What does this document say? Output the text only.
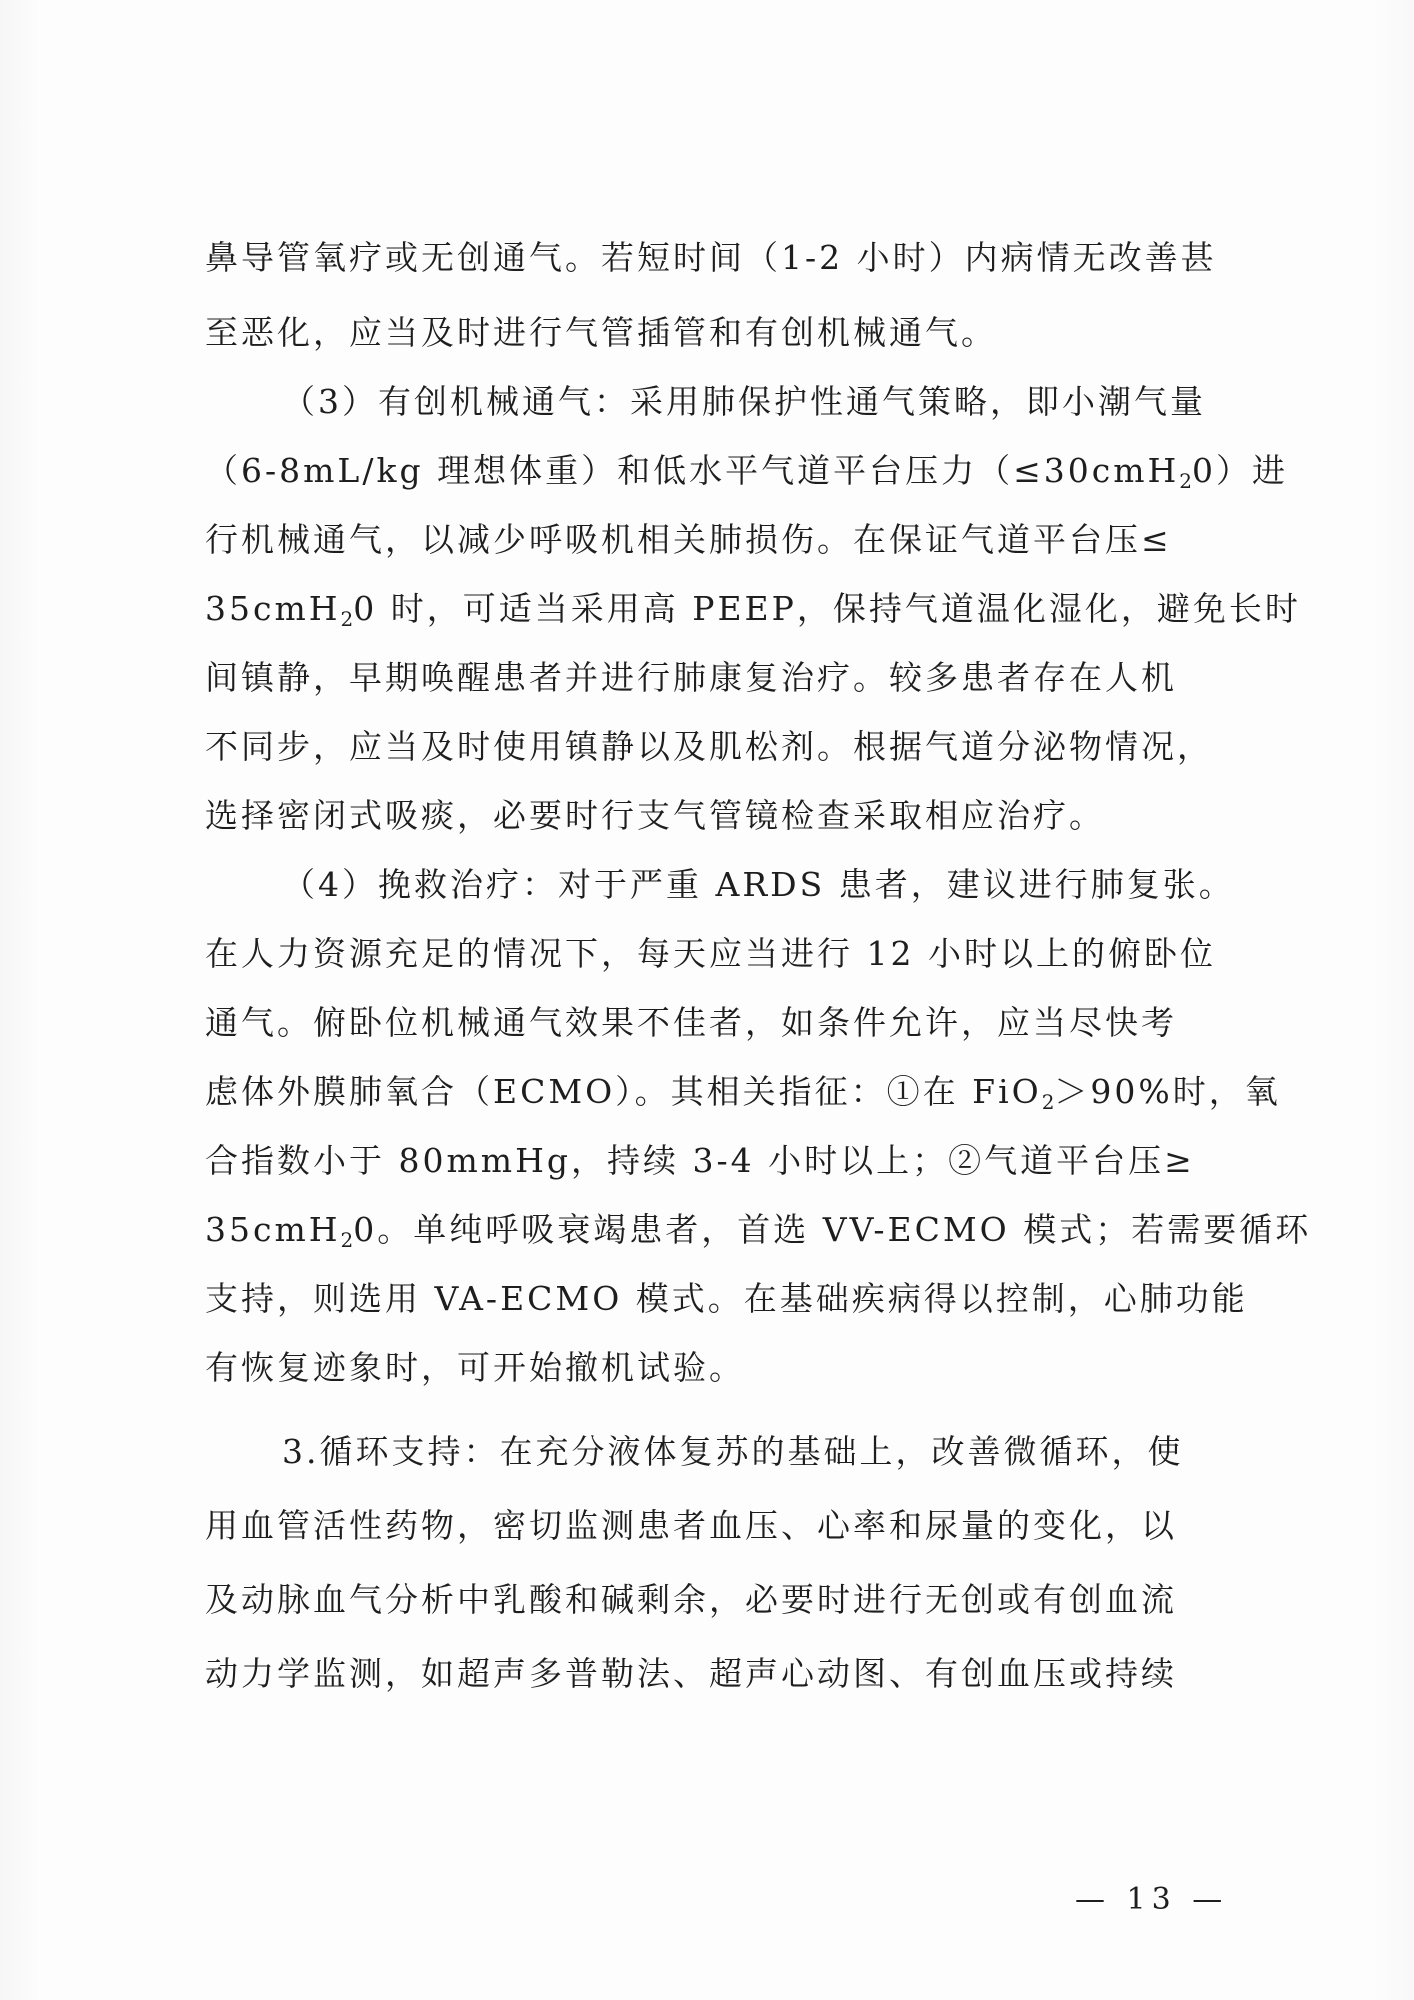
鼻导管氧疗或无创通气。若短时间（1-2 小时）内病情无改善甚
至恶化，应当及时进行气管插管和有创机械通气。
（3）有创机械通气：采用肺保护性通气策略，即小潮气量
（6-8mL/kg 理想体重）和低水平气道平台压力（≤30cmH$_2$0）进
行机械通气，以减少呼吸机相关肺损伤。在保证气道平台压≤
35cmH$_2$0 时，可适当采用高 PEEP，保持气道温化湿化，避免长时
间镇静，早期唤醒患者并进行肺康复治疗。较多患者存在人机
不同步，应当及时使用镇静以及肌松剂。根据气道分泌物情况，
选择密闭式吸痰，必要时行支气管镜检查采取相应治疗。
（4）挽救治疗：对于严重 ARDS 患者，建议进行肺复张。
在人力资源充足的情况下，每天应当进行 12 小时以上的俯卧位
通气。俯卧位机械通气效果不佳者，如条件允许，应当尽快考
虑体外膜肺氧合（ECMO）。其相关指征：①在 FiO$_2$＞90%时，氧
合指数小于 80mmHg，持续 3-4 小时以上；②气道平台压≥
35cmH$_2$0。单纯呼吸衰竭患者，首选 VV-ECMO 模式；若需要循环
支持，则选用 VA-ECMO 模式。在基础疾病得以控制，心肺功能
有恢复迹象时，可开始撤机试验。
3.循环支持：在充分液体复苏的基础上，改善微循环，使
用血管活性药物，密切监测患者血压、心率和尿量的变化，以
及动脉血气分析中乳酸和碱剩余，必要时进行无创或有创血流
动力学监测，如超声多普勒法、超声心动图、有创血压或持续
— 13 —
